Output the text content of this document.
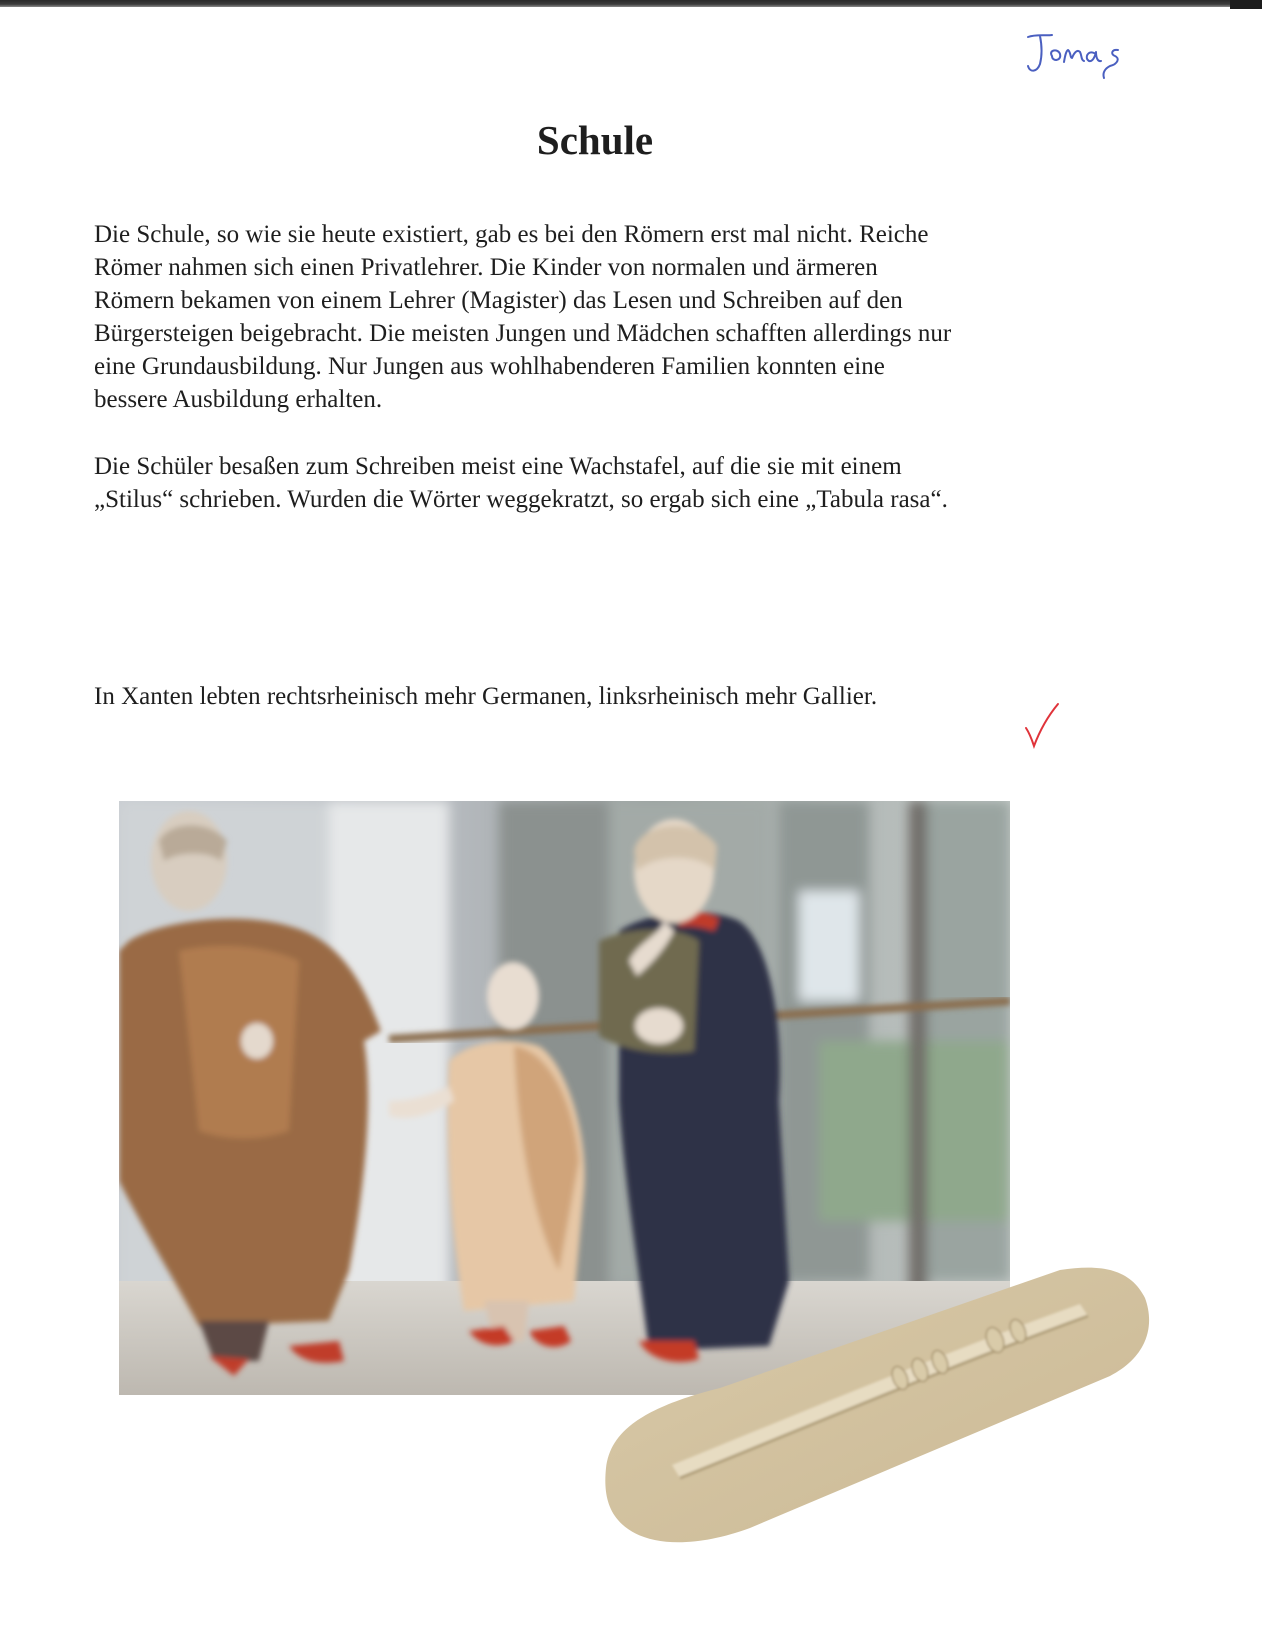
Schule

Die Schule, so wie sie heute existiert, gab es bei den Römern erst mal nicht. Reiche
Römer nahmen sich einen Privatlehrer. Die Kinder von normalen und ärmeren
Römern bekamen von einem Lehrer (Magister) das Lesen und Schreiben auf den
Bürgersteigen beigebracht. Die meisten Jungen und Mädchen schafften allerdings nur
eine Grundausbildung. Nur Jungen aus wohlhabenderen Familien konnten eine
bessere Ausbildung erhalten.

Die Schüler besaßen zum Schreiben meist eine Wachstafel, auf die sie mit einem
„Stilus“ schrieben. Wurden die Wörter weggekratzt, so ergab sich eine „Tabula rasa“.

In Xanten lebten rechtsrheinisch mehr Germanen, linksrheinisch mehr Gallier.
